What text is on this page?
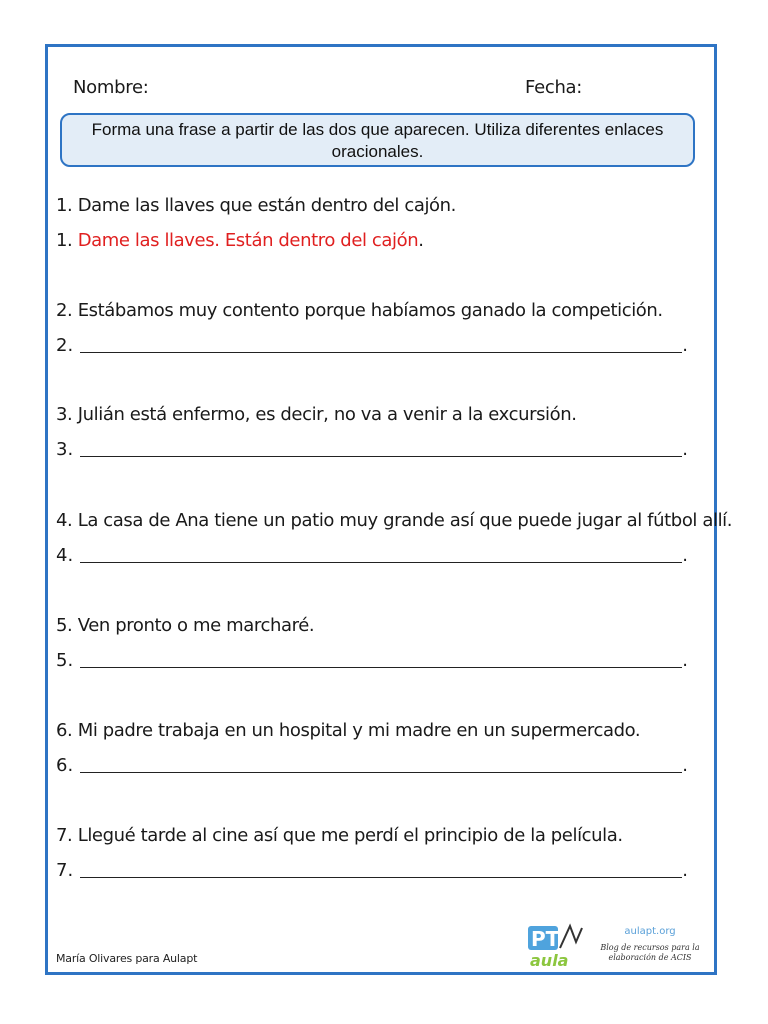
Nombre:	Fecha:
Forma una frase a partir de las dos que aparecen. Utiliza diferentes enlaces oracionales.
1. Dame las llaves que están dentro del cajón.
1. Dame las llaves. Están dentro del cajón.
2. Estábamos muy contento porque habíamos ganado la competición.
2.	.
3. Julián está enfermo, es decir, no va a venir a la excursión.
3.	.
4. La casa de Ana tiene un patio muy grande así que puede jugar al fútbol allí.
4.	.
5. Ven pronto o me marcharé.
5.	.
6. Mi padre trabaja en un hospital y mi madre en un supermercado.
6.	.
7. Llegué tarde al cine así que me perdí el principio de la película.
7.	.
María Olivares para Aulapt
PT
aula
aulapt.org
Blog de recursos para la elaboración de ACIS
